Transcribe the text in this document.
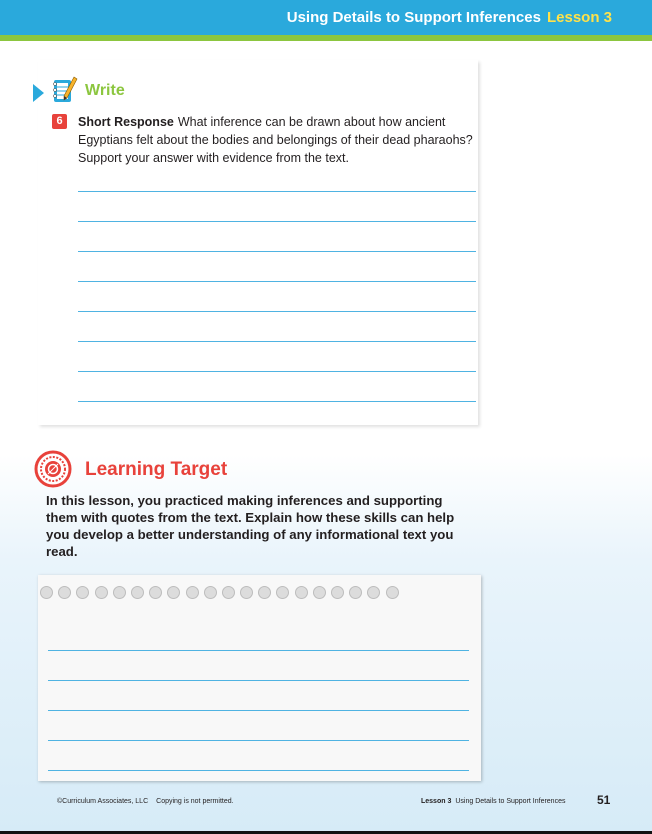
Using Details to Support Inferences Lesson 3
Write
6	Short Response What inference can be drawn about how ancient Egyptians felt about the bodies and belongings of their dead pharaohs? Support your answer with evidence from the text.
Learning Target
In this lesson, you practiced making inferences and supporting them with quotes from the text. Explain how these skills can help you develop a better understanding of any informational text you read.
©Curriculum Associates, LLC Copying is not permitted.	Lesson 3 Using Details to Support Inferences	51
